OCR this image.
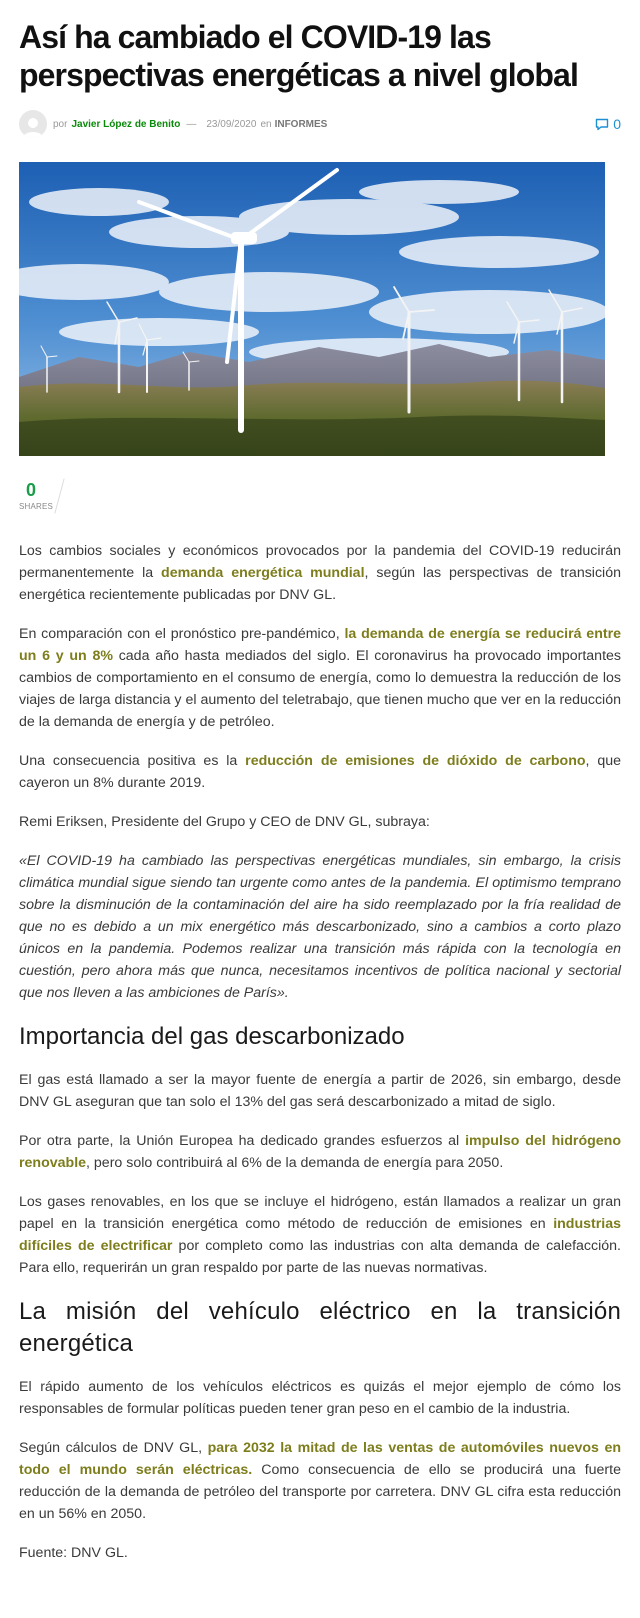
Así ha cambiado el COVID-19 las perspectivas energéticas a nivel global
por Javier López de Benito — 23/09/2020 en INFORMES	0
0
SHARES

Los cambios sociales y económicos provocados por la pandemia del COVID-19 reducirán permanentemente la demanda energética mundial, según las perspectivas de transición energética recientemente publicadas por DNV GL.

En comparación con el pronóstico pre-pandémico, la demanda de energía se reducirá entre un 6 y un 8% cada año hasta mediados del siglo. El coronavirus ha provocado importantes cambios de comportamiento en el consumo de energía, como lo demuestra la reducción de los viajes de larga distancia y el aumento del teletrabajo, que tienen mucho que ver en la reducción de la demanda de energía y de petróleo.

Una consecuencia positiva es la reducción de emisiones de dióxido de carbono, que cayeron un 8% durante 2019.

Remi Eriksen, Presidente del Grupo y CEO de DNV GL, subraya:

«El COVID-19 ha cambiado las perspectivas energéticas mundiales, sin embargo, la crisis climática mundial sigue siendo tan urgente como antes de la pandemia. El optimismo temprano sobre la disminución de la contaminación del aire ha sido reemplazado por la fría realidad de que no es debido a un mix energético más descarbonizado, sino a cambios a corto plazo únicos en la pandemia. Podemos realizar una transición más rápida con la tecnología en cuestión, pero ahora más que nunca, necesitamos incentivos de política nacional y sectorial que nos lleven a las ambiciones de París».

Importancia del gas descarbonizado

El gas está llamado a ser la mayor fuente de energía a partir de 2026, sin embargo, desde DNV GL aseguran que tan solo el 13% del gas será descarbonizado a mitad de siglo.

Por otra parte, la Unión Europea ha dedicado grandes esfuerzos al impulso del hidrógeno renovable, pero solo contribuirá al 6% de la demanda de energía para 2050.

Los gases renovables, en los que se incluye el hidrógeno, están llamados a realizar un gran papel en la transición energética como método de reducción de emisiones en industrias difíciles de electrificar por completo como las industrias con alta demanda de calefacción. Para ello, requerirán un gran respaldo por parte de las nuevas normativas.

La misión del vehículo eléctrico en la transición energética

El rápido aumento de los vehículos eléctricos es quizás el mejor ejemplo de cómo los responsables de formular políticas pueden tener gran peso en el cambio de la industria.

Según cálculos de DNV GL, para 2032 la mitad de las ventas de automóviles nuevos en todo el mundo serán eléctricas. Como consecuencia de ello se producirá una fuerte reducción de la demanda de petróleo del transporte por carretera. DNV GL cifra esta reducción en un 56% en 2050.

Fuente: DNV GL.
